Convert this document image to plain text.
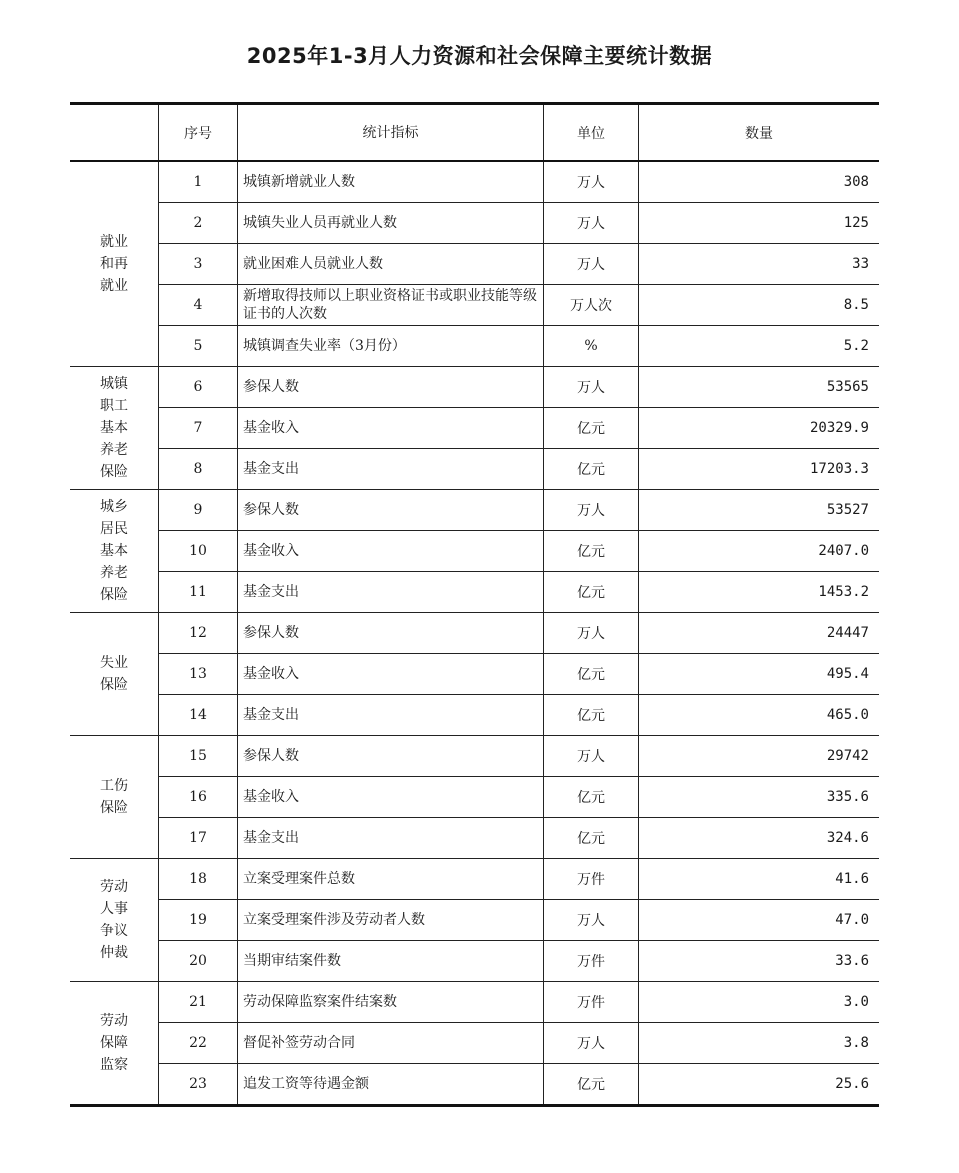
2025年1-3月人力资源和社会保障主要统计数据
	序号	统计指标	单位	数量
就业
和再
就业	1	城镇新增就业人数	万人	308
	2	城镇失业人员再就业人数	万人	125
	3	就业困难人员就业人数	万人	33
	4	新增取得技师以上职业资格证书或职业技能等级证书的人次数	万人次	8.5
	5	城镇调查失业率（3月份）	%	5.2
城镇
职工
基本
养老
保险	6	参保人数	万人	53565
	7	基金收入	亿元	20329.9
	8	基金支出	亿元	17203.3
城乡
居民
基本
养老
保险	9	参保人数	万人	53527
	10	基金收入	亿元	2407.0
	11	基金支出	亿元	1453.2
失业
保险	12	参保人数	万人	24447
	13	基金收入	亿元	495.4
	14	基金支出	亿元	465.0
工伤
保险	15	参保人数	万人	29742
	16	基金收入	亿元	335.6
	17	基金支出	亿元	324.6
劳动
人事
争议
仲裁	18	立案受理案件总数	万件	41.6
	19	立案受理案件涉及劳动者人数	万人	47.0
	20	当期审结案件数	万件	33.6
劳动
保障
监察	21	劳动保障监察案件结案数	万件	3.0
	22	督促补签劳动合同	万人	3.8
	23	追发工资等待遇金额	亿元	25.6
